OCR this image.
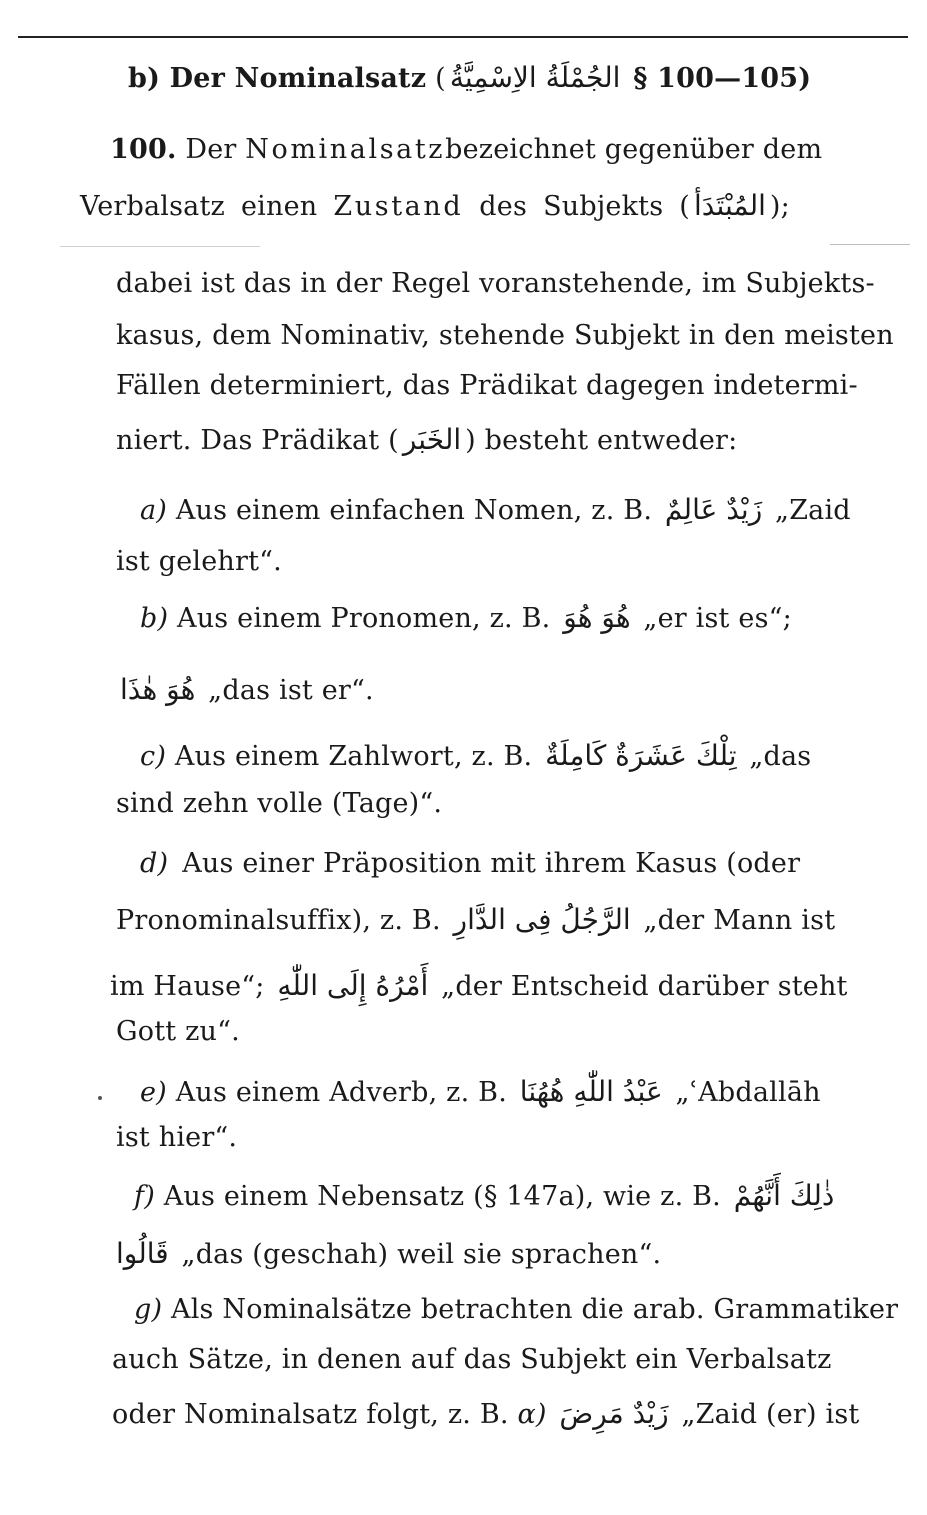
b) Der Nominalsatz ( الجُمْلَةُ الاِسْمِيَّةُ § 100—105)
100. Der Nominalsatz bezeichnet gegenüber dem
Verbalsatz einen Zustand des Subjekts ( المُبْتَدَأ );
dabei ist das in der Regel voranstehende, im Subjekts-
kasus, dem Nominativ, stehende Subjekt in den meisten
Fällen determiniert, das Prädikat dagegen indetermi-
niert. Das Prädikat ( الخَبَر ) besteht entweder:
a) Aus einem einfachen Nomen, z. B. زَيْدٌ عَالِمٌ „Zaid
ist gelehrt“.
b) Aus einem Pronomen, z. B. هُوَ هُوَ „er ist es“;
هُوَ هٰذَا „das ist er“.
c) Aus einem Zahlwort, z. B. تِلْكَ عَشَرَةٌ كَامِلَةٌ „das
sind zehn volle (Tage)“.
d) Aus einer Präposition mit ihrem Kasus (oder
Pronominalsuffix), z. B. الرَّجُلُ فِى الدَّارِ „der Mann ist
im Hause“; أَمْرُهُ إِلَى اللّٰهِ „der Entscheid darüber steht
Gott zu“.
e) Aus einem Adverb, z. B. عَبْدُ اللّٰهِ هُهُنَا „ʿAbdallāh
ist hier“.
f) Aus einem Nebensatz (§ 147a), wie z. B. ذٰلِكَ أَنَّهُمْ
قَالُوا „das (geschah) weil sie sprachen“.
g) Als Nominalsätze betrachten die arab. Grammatiker
auch Sätze, in denen auf das Subjekt ein Verbalsatz
oder Nominalsatz folgt, z. B. α) زَيْدٌ مَرِضَ „Zaid (er) ist
